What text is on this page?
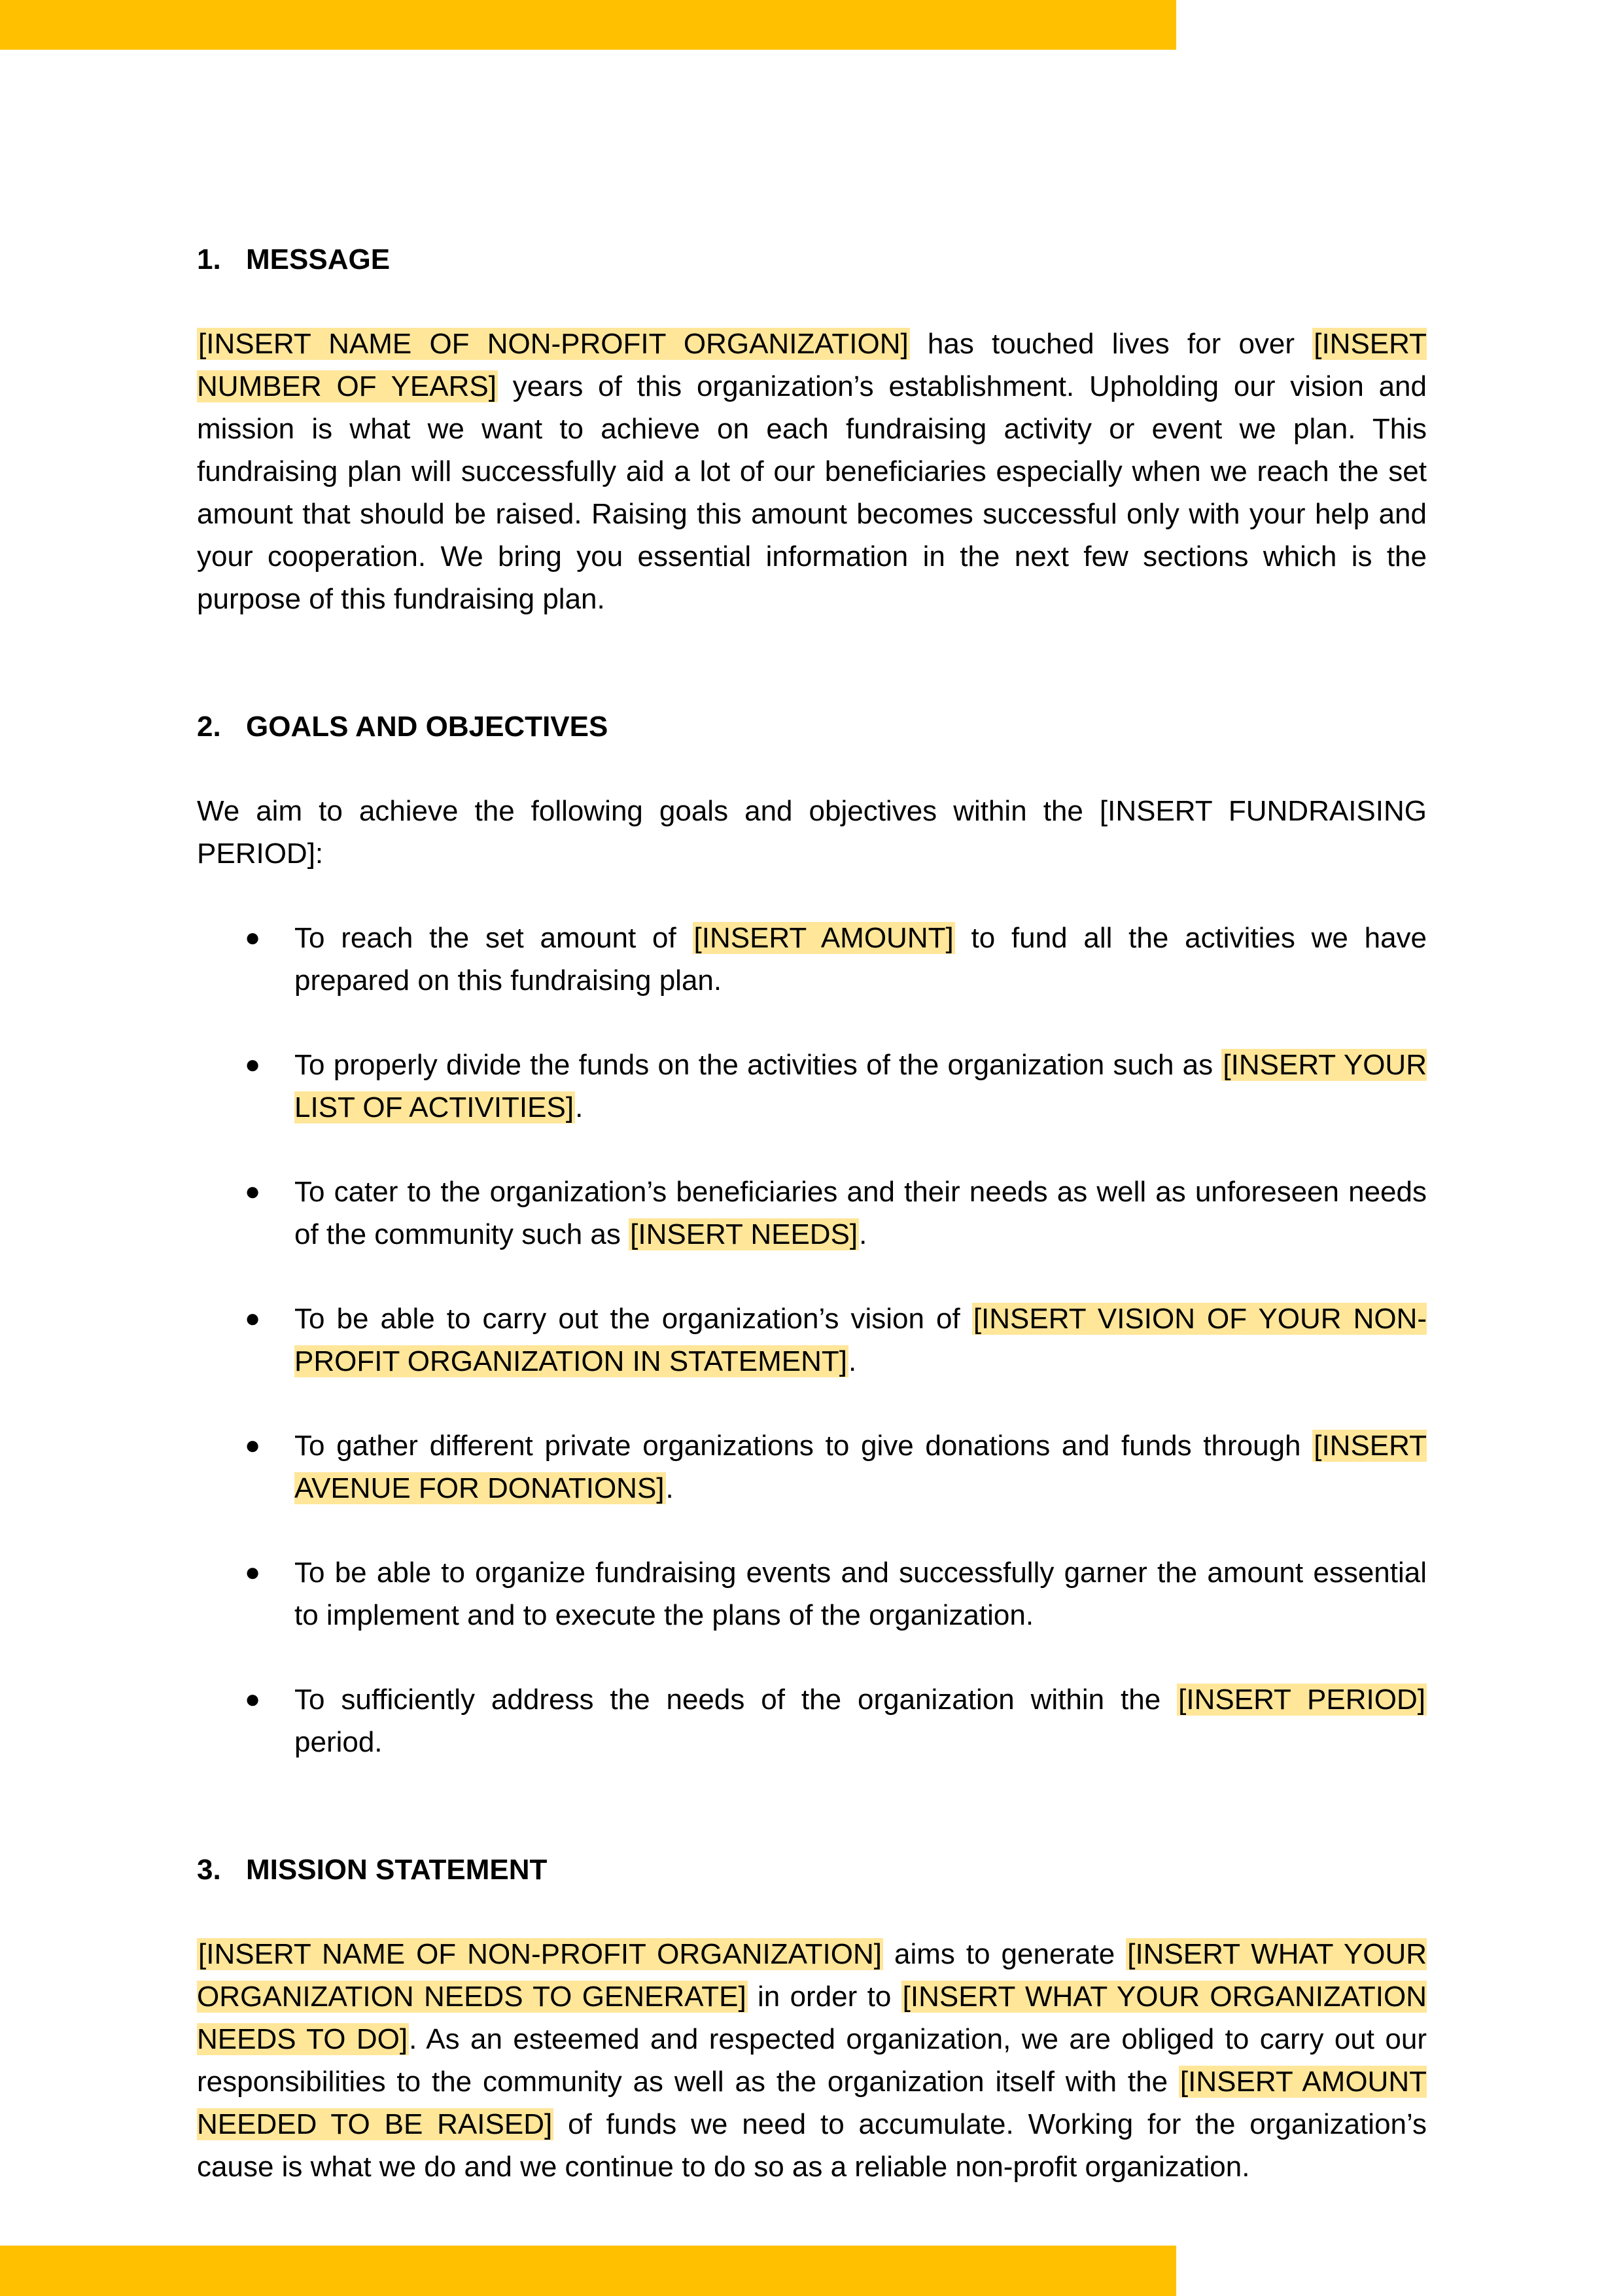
1. MESSAGE

[INSERT NAME OF NON-PROFIT ORGANIZATION] has touched lives for over [INSERT NUMBER OF YEARS] years of this organization’s establishment. Upholding our vision and mission is what we want to achieve on each fundraising activity or event we plan. This fundraising plan will successfully aid a lot of our beneficiaries especially when we reach the set amount that should be raised. Raising this amount becomes successful only with your help and your cooperation. We bring you essential information in the next few sections which is the purpose of this fundraising plan.

2. GOALS AND OBJECTIVES

We aim to achieve the following goals and objectives within the [INSERT FUNDRAISING PERIOD]:

● To reach the set amount of [INSERT AMOUNT] to fund all the activities we have prepared on this fundraising plan.
● To properly divide the funds on the activities of the organization such as [INSERT YOUR LIST OF ACTIVITIES].
● To cater to the organization’s beneficiaries and their needs as well as unforeseen needs of the community such as [INSERT NEEDS].
● To be able to carry out the organization’s vision of [INSERT VISION OF YOUR NON-PROFIT ORGANIZATION IN STATEMENT].
● To gather different private organizations to give donations and funds through [INSERT AVENUE FOR DONATIONS].
● To be able to organize fundraising events and successfully garner the amount essential to implement and to execute the plans of the organization.
● To sufficiently address the needs of the organization within the [INSERT PERIOD] period.
3. MISSION STATEMENT

[INSERT NAME OF NON-PROFIT ORGANIZATION] aims to generate [INSERT WHAT YOUR ORGANIZATION NEEDS TO GENERATE] in order to [INSERT WHAT YOUR ORGANIZATION NEEDS TO DO]. As an esteemed and respected organization, we are obliged to carry out our responsibilities to the community as well as the organization itself with the [INSERT AMOUNT NEEDED TO BE RAISED] of funds we need to accumulate. Working for the organization’s cause is what we do and we continue to do so as a reliable non-profit organization.
